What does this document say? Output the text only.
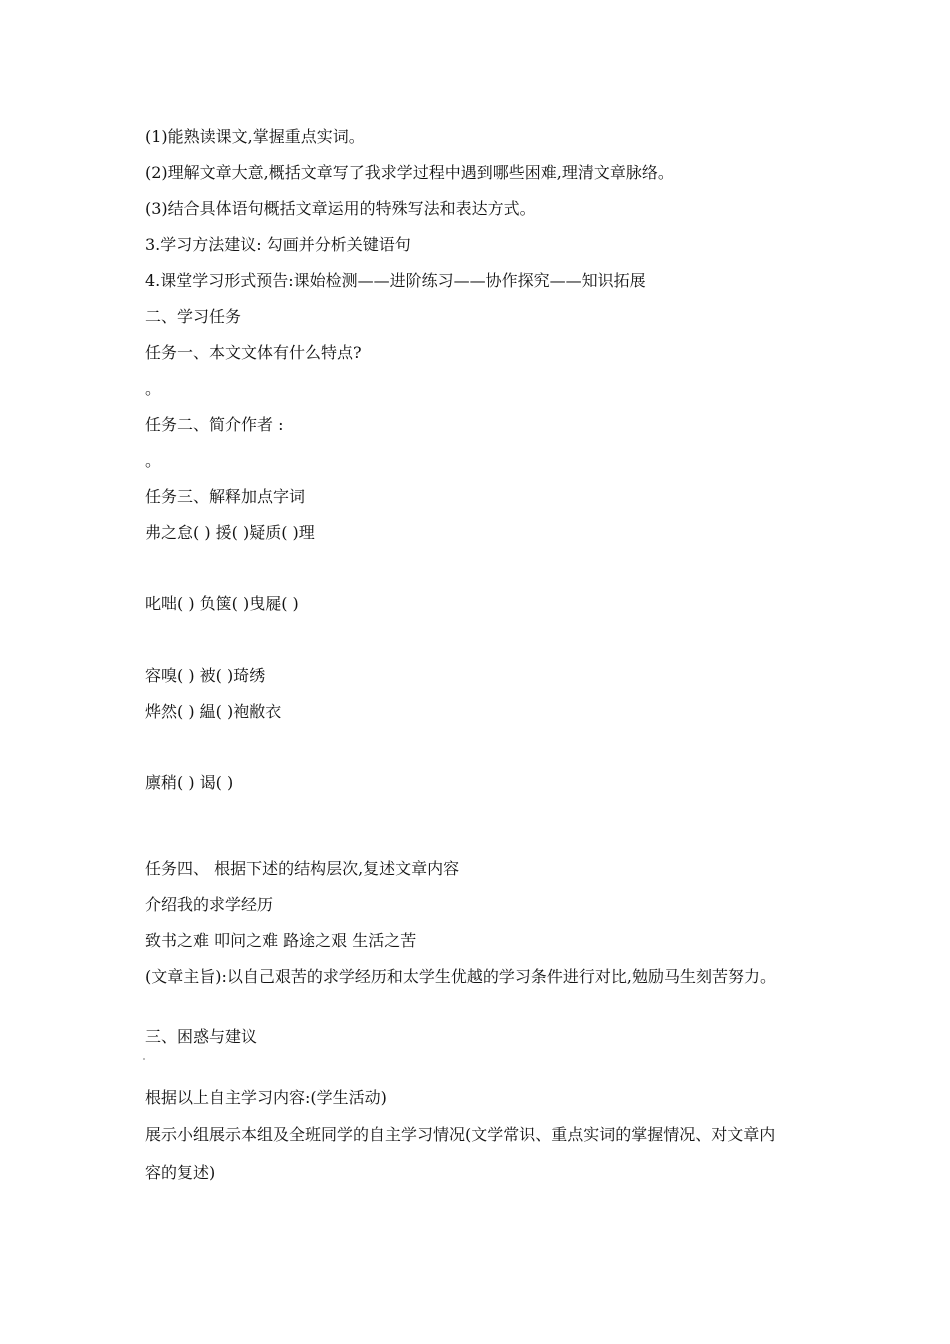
(1)能熟读课文,掌握重点实词。
(2)理解文章大意,概括文章写了我求学过程中遇到哪些困难,理清文章脉络。
(3)结合具体语句概括文章运用的特殊写法和表达方式。
3.学习方法建议: 勾画并分析关键语句
4.课堂学习形式预告:课始检测——进阶练习——协作探究——知识拓展
二、学习任务
任务一、本文文体有什么特点?
。
任务二、简介作者 :
。
任务三、解释加点字词
弗之怠( ) 援( )疑质( )理
叱咄( ) 负箧( )曳屣( )
容嗅( ) 被( )琦绣
烨然( ) 緼( )袍敝衣
廪稍( ) 谒( )
任务四、 根据下述的结构层次,复述文章内容
介绍我的求学经历
致书之难 叩问之难 路途之艰 生活之苦
(文章主旨):以自己艰苦的求学经历和太学生优越的学习条件进行对比,勉励马生刻苦努力。
三、困惑与建议
根据以上自主学习内容:(学生活动)
展示小组展示本组及全班同学的自主学习情况(文学常识、重点实词的掌握情况、对文章内
容的复述)
